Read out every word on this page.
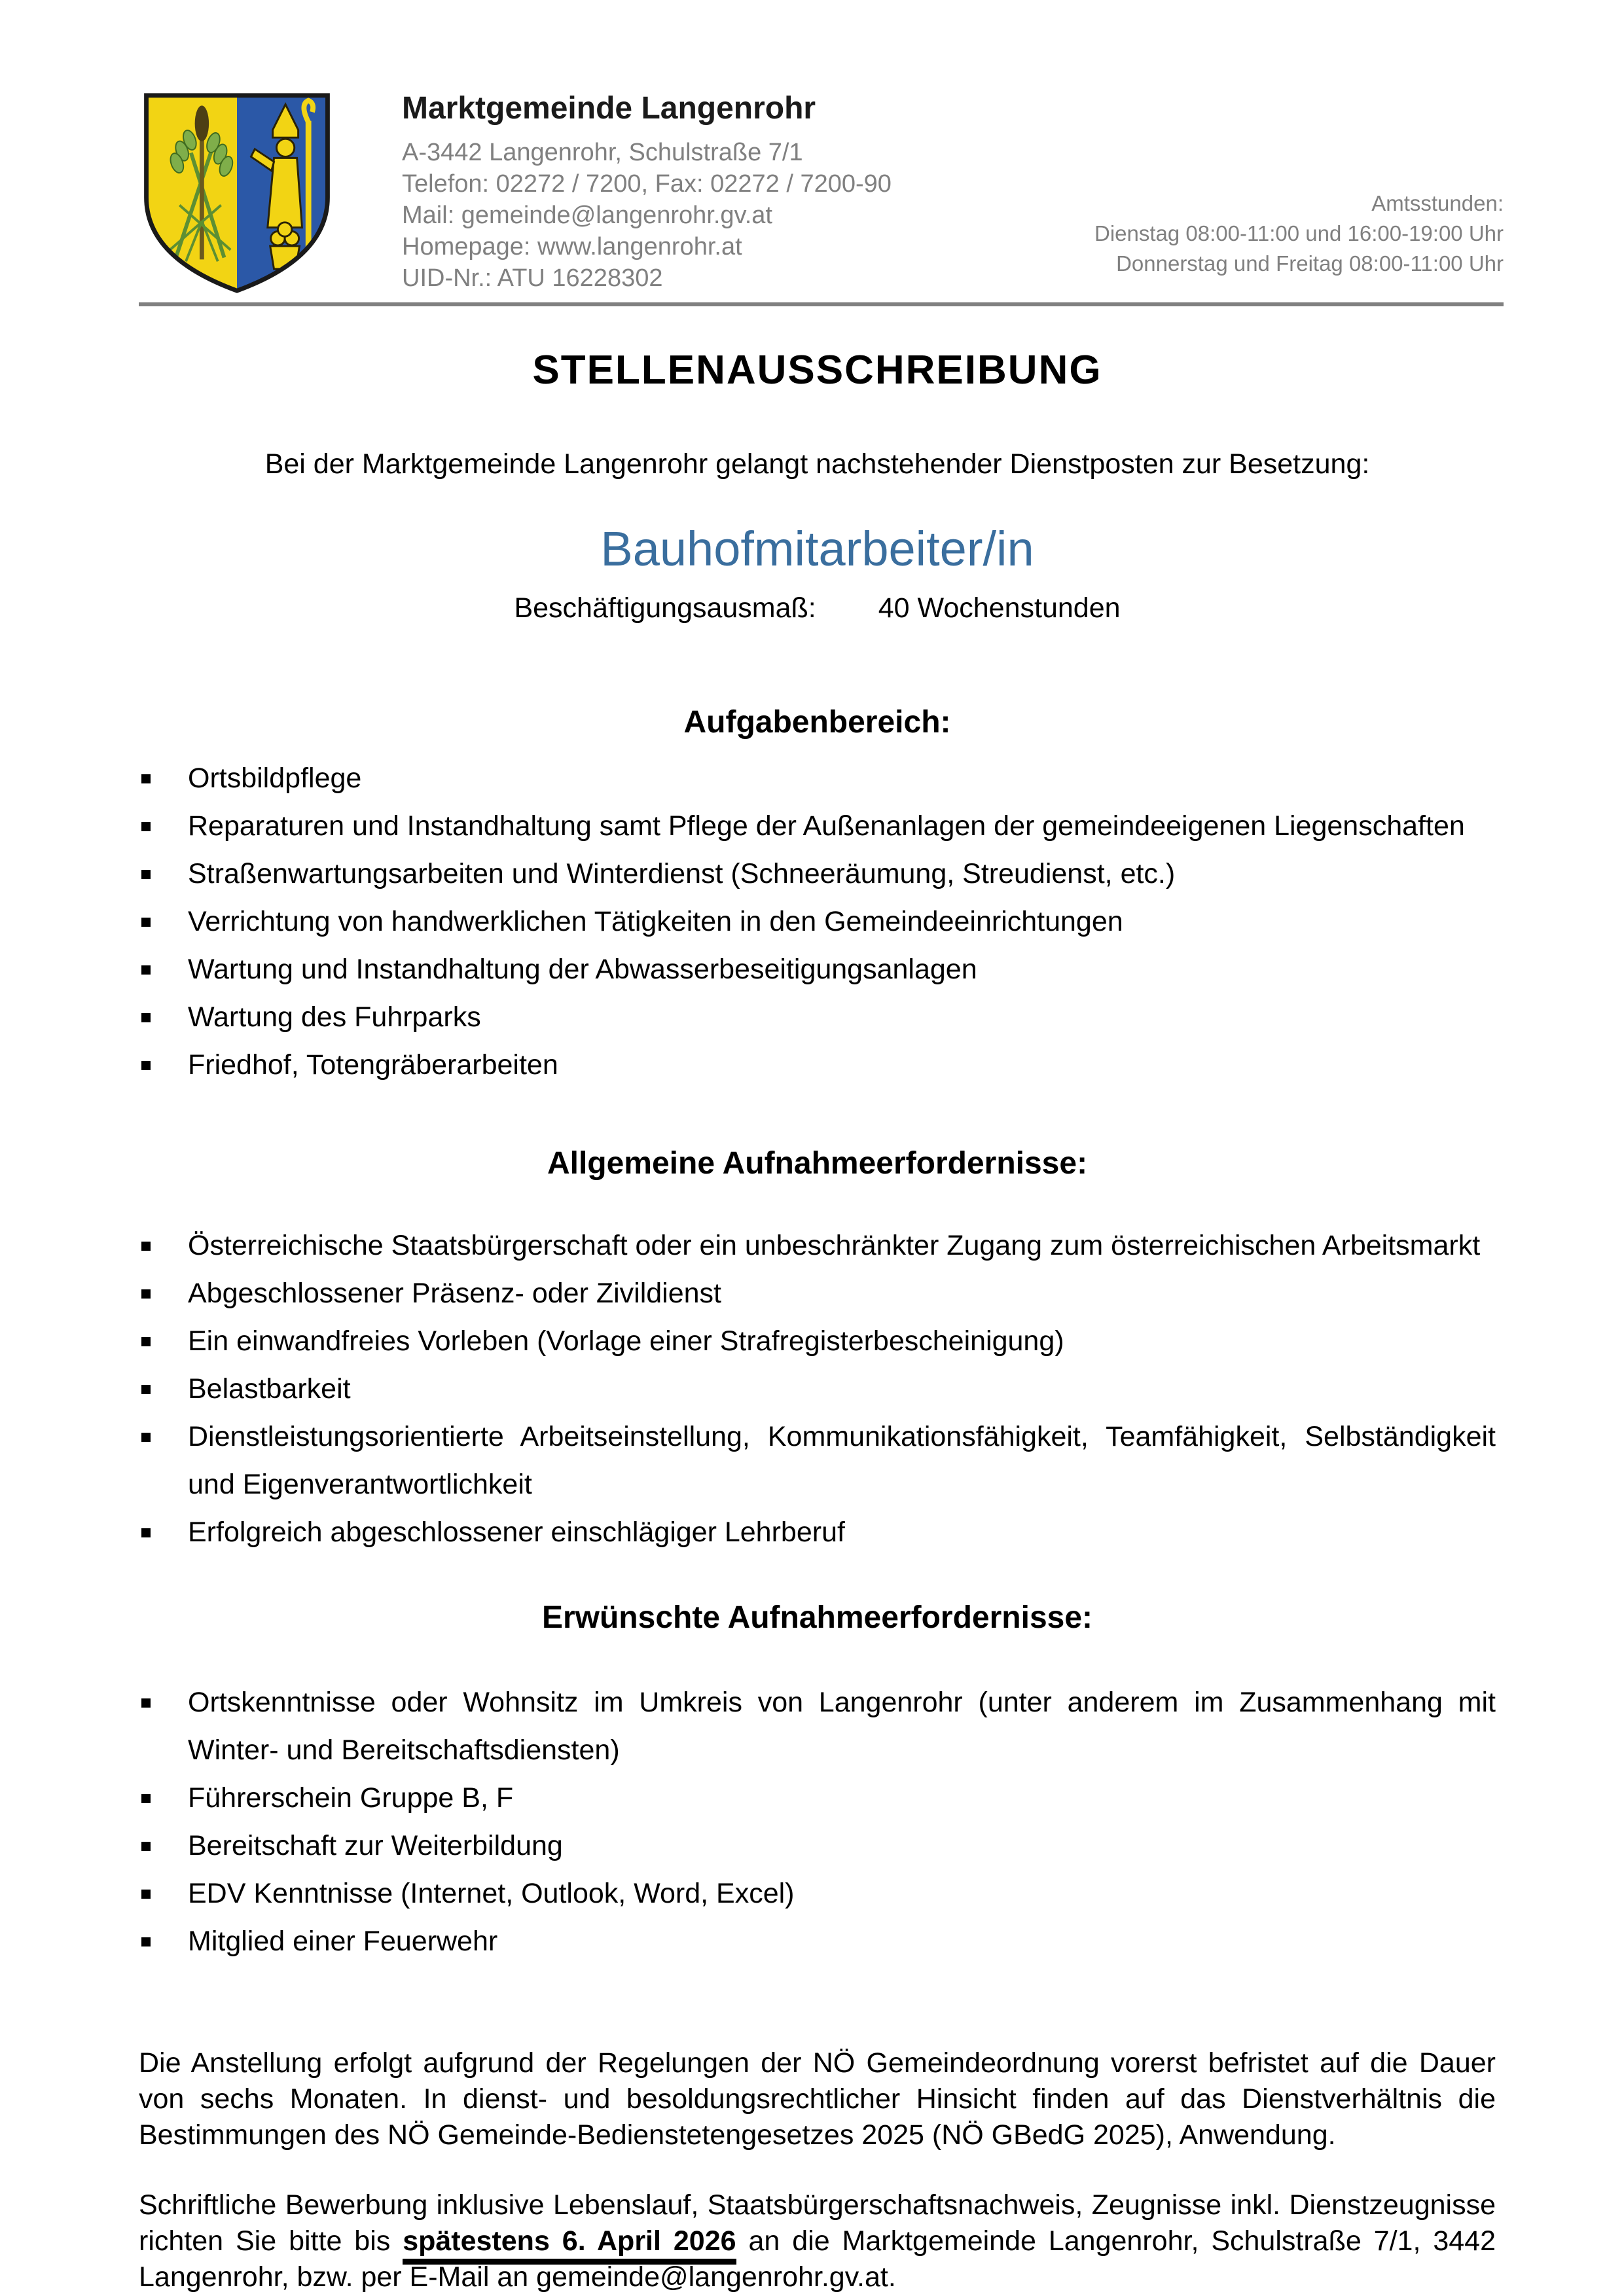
Marktgemeinde Langenrohr
A-3442 Langenrohr, Schulstraße 7/1
Telefon: 02272 / 7200, Fax: 02272 / 7200-90
Mail: gemeinde@langenrohr.gv.at
Homepage: www.langenrohr.at
UID-Nr.: ATU 16228302
Amtsstunden:
Dienstag 08:00-11:00 und 16:00-19:00 Uhr
Donnerstag und Freitag 08:00-11:00 Uhr
STELLENAUSSCHREIBUNG
Bei der Marktgemeinde Langenrohr gelangt nachstehender Dienstposten zur Besetzung:
Bauhofmitarbeiter/in
Beschäftigungsausmaß: 40 Wochenstunden
Aufgabenbereich:
Ortsbildpflege
Reparaturen und Instandhaltung samt Pflege der Außenanlagen der gemeindeeigenen Liegenschaften
Straßenwartungsarbeiten und Winterdienst (Schneeräumung, Streudienst, etc.)
Verrichtung von handwerklichen Tätigkeiten in den Gemeindeeinrichtungen
Wartung und Instandhaltung der Abwasserbeseitigungsanlagen
Wartung des Fuhrparks
Friedhof, Totengräberarbeiten
Allgemeine Aufnahmeerfordernisse:
Österreichische Staatsbürgerschaft oder ein unbeschränkter Zugang zum österreichischen Arbeitsmarkt
Abgeschlossener Präsenz- oder Zivildienst
Ein einwandfreies Vorleben (Vorlage einer Strafregisterbescheinigung)
Belastbarkeit
Dienstleistungsorientierte Arbeitseinstellung, Kommunikationsfähigkeit, Teamfähigkeit, Selbständigkeit und Eigenverantwortlichkeit
Erfolgreich abgeschlossener einschlägiger Lehrberuf
Erwünschte Aufnahmeerfordernisse:
Ortskenntnisse oder Wohnsitz im Umkreis von Langenrohr (unter anderem im Zusammenhang mit Winter- und Bereitschaftsdiensten)
Führerschein Gruppe B, F
Bereitschaft zur Weiterbildung
EDV Kenntnisse (Internet, Outlook, Word, Excel)
Mitglied einer Feuerwehr

Die Anstellung erfolgt aufgrund der Regelungen der NÖ Gemeindeordnung vorerst befristet auf die Dauer von sechs Monaten. In dienst- und besoldungsrechtlicher Hinsicht finden auf das Dienstverhältnis die Bestimmungen des NÖ Gemeinde-Bedienstetengesetzes 2025 (NÖ GBedG 2025), Anwendung.

Schriftliche Bewerbung inklusive Lebenslauf, Staatsbürgerschaftsnachweis, Zeugnisse inkl. Dienstzeugnisse richten Sie bitte bis spätestens 6. April 2026 an die Marktgemeinde Langenrohr, Schulstraße 7/1, 3442 Langenrohr, bzw. per E-Mail an gemeinde@langenrohr.gv.at.
